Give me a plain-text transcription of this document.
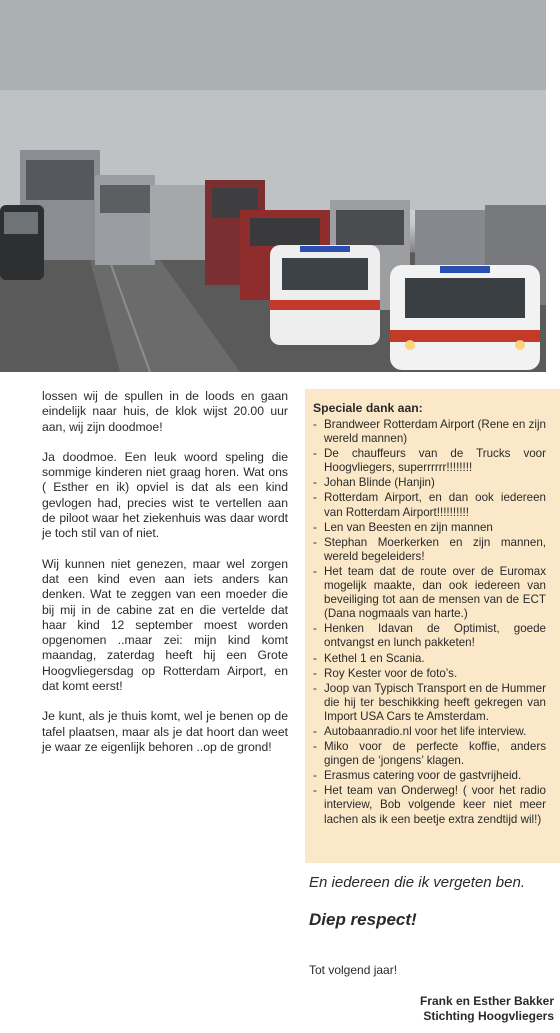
lossen wij de spullen in de loods en gaan eindelijk naar huis, de klok wijst 20.00 uur aan, wij zijn doodmoe!

Ja doodmoe. Een leuk woord speling die sommige kinderen niet graag horen. Wat ons ( Esther en ik) opviel is dat als een kind gevlogen had, precies wist te vertellen aan de piloot waar het ziekenhuis was daar wordt je toch stil van of niet.

Wij kunnen niet genezen, maar wel zorgen dat een kind even aan iets anders kan denken. Wat te zeggen van een moeder die bij mij in de cabine zat en die vertelde dat haar kind 12 september moest worden opgenomen ..maar zei: mijn kind komt maandag, zaterdag heeft hij een Grote Hoogvliegersdag op Rotterdam Airport, en dat komt eerst!

Je kunt, als je thuis komt, wel je benen op de tafel plaatsen, maar als je dat hoort dan weet je waar ze eigenlijk behoren ..op de grond!

Speciale dank aan:
- Brandweer Rotterdam Airport (Rene en zijn wereld mannen)
- De chauffeurs van de Trucks voor Hoogvliegers, superrrrrr!!!!!!!!
- Johan Blinde (Hanjin)
- Rotterdam Airport, en dan ook iedereen van Rotterdam Airport!!!!!!!!!!
- Len van Beesten en zijn mannen
- Stephan Moerkerken en zijn mannen, wereld begeleiders!
- Het team dat de route over de Euromax mogelijk maakte, dan ook iedereen van beveiliging tot aan de mensen van de ECT (Dana nogmaals van harte.)
- Henken Idavan de Optimist, goede ontvangst en lunch pakketen!
- Kethel 1 en Scania.
- Roy Kester voor de foto’s.
- Joop van Typisch Transport en de Hummer die hij ter beschikking heeft gekregen van Import USA Cars te Amsterdam.
- Autobaanradio.nl voor het life interview.
- Miko voor de perfecte koffie, anders gingen de ‘jongens’ klagen.
- Erasmus catering voor de gastvrijheid.
- Het team van Onderweg! ( voor het radio interview, Bob volgende keer niet meer lachen als ik een beetje extra zendtijd wil!)
En iedereen die ik vergeten ben.
Diep respect!
Tot volgend jaar!
Frank en Esther Bakker
Stichting Hoogvliegers
